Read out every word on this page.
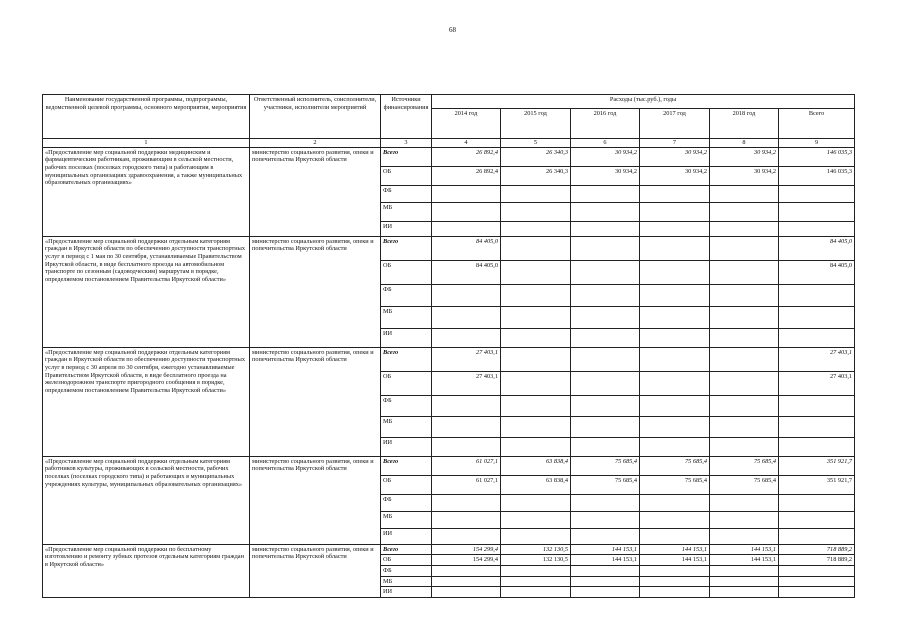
68
Наименование государственной программы, подпрограммы, ведомственной целевой программы, основного мероприятия, мероприятия	Ответственный исполнитель, соисполнители, участники, исполнители мероприятий	Источники финансирования	Расходы (тыс.руб.), годы					
			2014 год	2015 год	2016 год	2017 год	2018 год	Всего
1	2	3	4	5	6	7	8	9
«Предоставление мер социальной поддержки медицинским и фармацевтическим работникам, проживающим в сельской местности, рабочих поселках (поселках городского типа) и работающим в муниципальных организациях здравоохранения, а также муниципальных образовательных организациях»	министерство социального развития, опеки и попечительства Иркутской области	Всего	26 892,4	26 340,3	30 934,2	30 934,2	30 934,2	146 035,3
		ОБ	26 892,4	26 340,3	30 934,2	30 934,2	30 934,2	146 035,3
		ФБ						
		МБ						
		ИИ						
«Предоставление мер социальной поддержки отдельным категориям граждан в Иркутской области по обеспечению доступности транспортных услуг в период с 1 мая по 30 сентября, устанавливаемые Правительством Иркутской области, в виде бесплатного проезда на автомобильном транспорте по сезонным (садоводческим) маршрутам в порядке, определяемом постановлением Правительства Иркутской области»	министерство социального развития, опеки и попечительства Иркутской области	Всего	84 405,0					84 405,0
		ОБ	84 405,0					84 405,0
		ФБ						
		МБ						
		ИИ						
«Предоставление мер социальной поддержки отдельным категориям граждан в Иркутской области по обеспечению доступности транспортных услуг в период с 30 апреля по 30 сентября, ежегодно устанавливаемые Правительством Иркутской области, в виде бесплатного проезда на железнодорожном транспорте пригородного сообщения в порядке, определяемом постановлением Правительства Иркутской области»	министерство социального развития, опеки и попечительства Иркутской области	Всего	27 403,1					27 403,1
		ОБ	27 403,1					27 403,1
		ФБ						
		МБ						
		ИИ						
«Предоставление мер социальной поддержки отдельным категориям работников культуры, проживающих в сельской местности, рабочих поселках (поселках городского типа) и работающих в муниципальных учреждениях культуры, муниципальных образовательных организациях»	министерство социального развития, опеки и попечительства Иркутской области	Всего	61 027,1	63 838,4	75 685,4	75 685,4	75 685,4	351 921,7
		ОБ	61 027,1	63 838,4	75 685,4	75 685,4	75 685,4	351 921,7
		ФБ						
		МБ						
		ИИ						
«Предоставление мер социальной поддержки по бесплатному изготовлению и ремонту зубных протезов отдельным категориям граждан в Иркутской области»	министерство социального развития, опеки и попечительства Иркутской области	Всего	154 299,4	132 130,5	144 153,1	144 153,1	144 153,1	718 889,2
		ОБ	154 299,4	132 130,5	144 153,1	144 153,1	144 153,1	718 889,2
		ФБ						
		МБ						
		ИИ						
